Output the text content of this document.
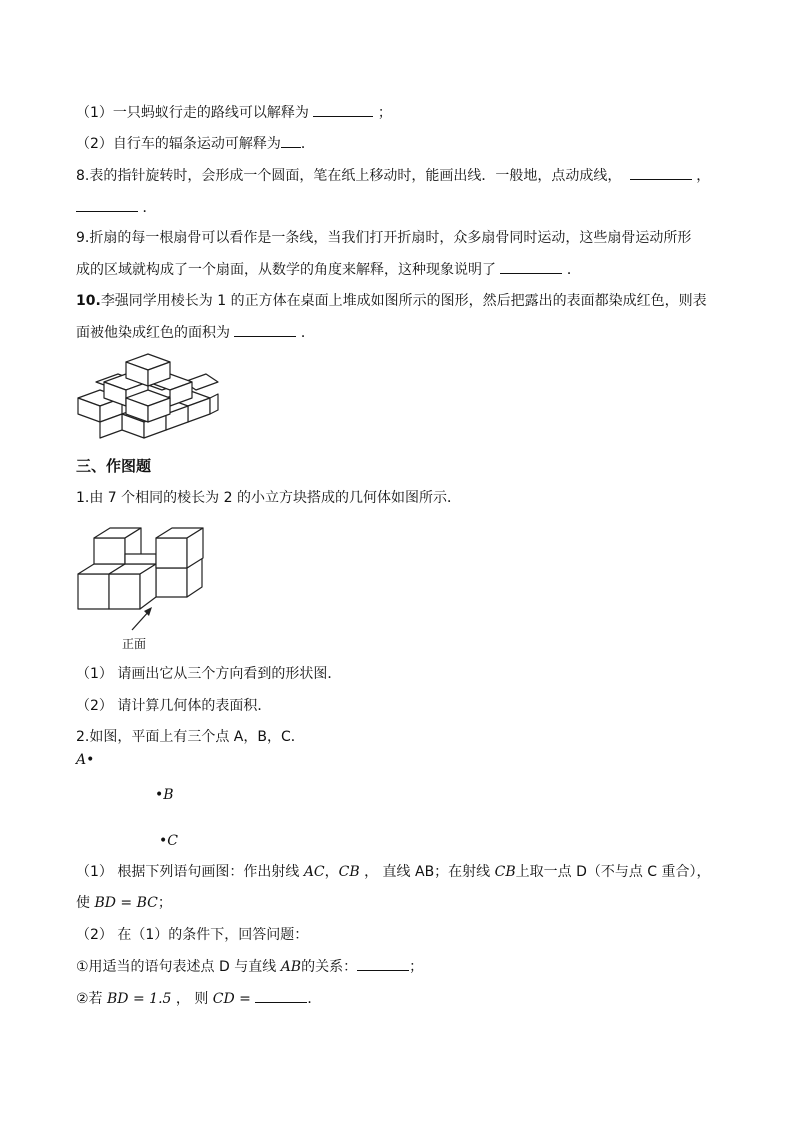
（1）一只蚂蚁行走的路线可以解释为	；
（2）自行车的辐条运动可解释为 ．
8.表的指针旋转时，会形成一个圆面，笔在纸上移动时，能画出线．一般地，点动成线，	，
．
9.折扇的每一根扇骨可以看作是一条线，当我们打开折扇时，众多扇骨同时运动，这些扇骨运动所形
成的区域就构成了一个扇面，从数学的角度来解释，这种现象说明了	．
10.李强同学用棱长为 1 的正方体在桌面上堆成如图所示的图形，然后把露出的表面都染成红色，则表
面被他染成红色的面积为	．
三、作图题
1.由 7 个相同的棱长为 2 的小立方块搭成的几何体如图所示．
正面
（1） 请画出它从三个方向看到的形状图．
（2） 请计算几何体的表面积．
2.如图，平面上有三个点 A，B，C．
A•
•B
•C
（1） 根据下列语句画图：作出射线 AC，CB ， 直线 AB；在射线 CB上取一点 D（不与点 C 重合），
使 BD = BC；
（2） 在（1）的条件下，回答问题：
①用适当的语句表述点 D 与直线 AB的关系：	；
②若 BD = 1.5 ， 则 CD =	．
